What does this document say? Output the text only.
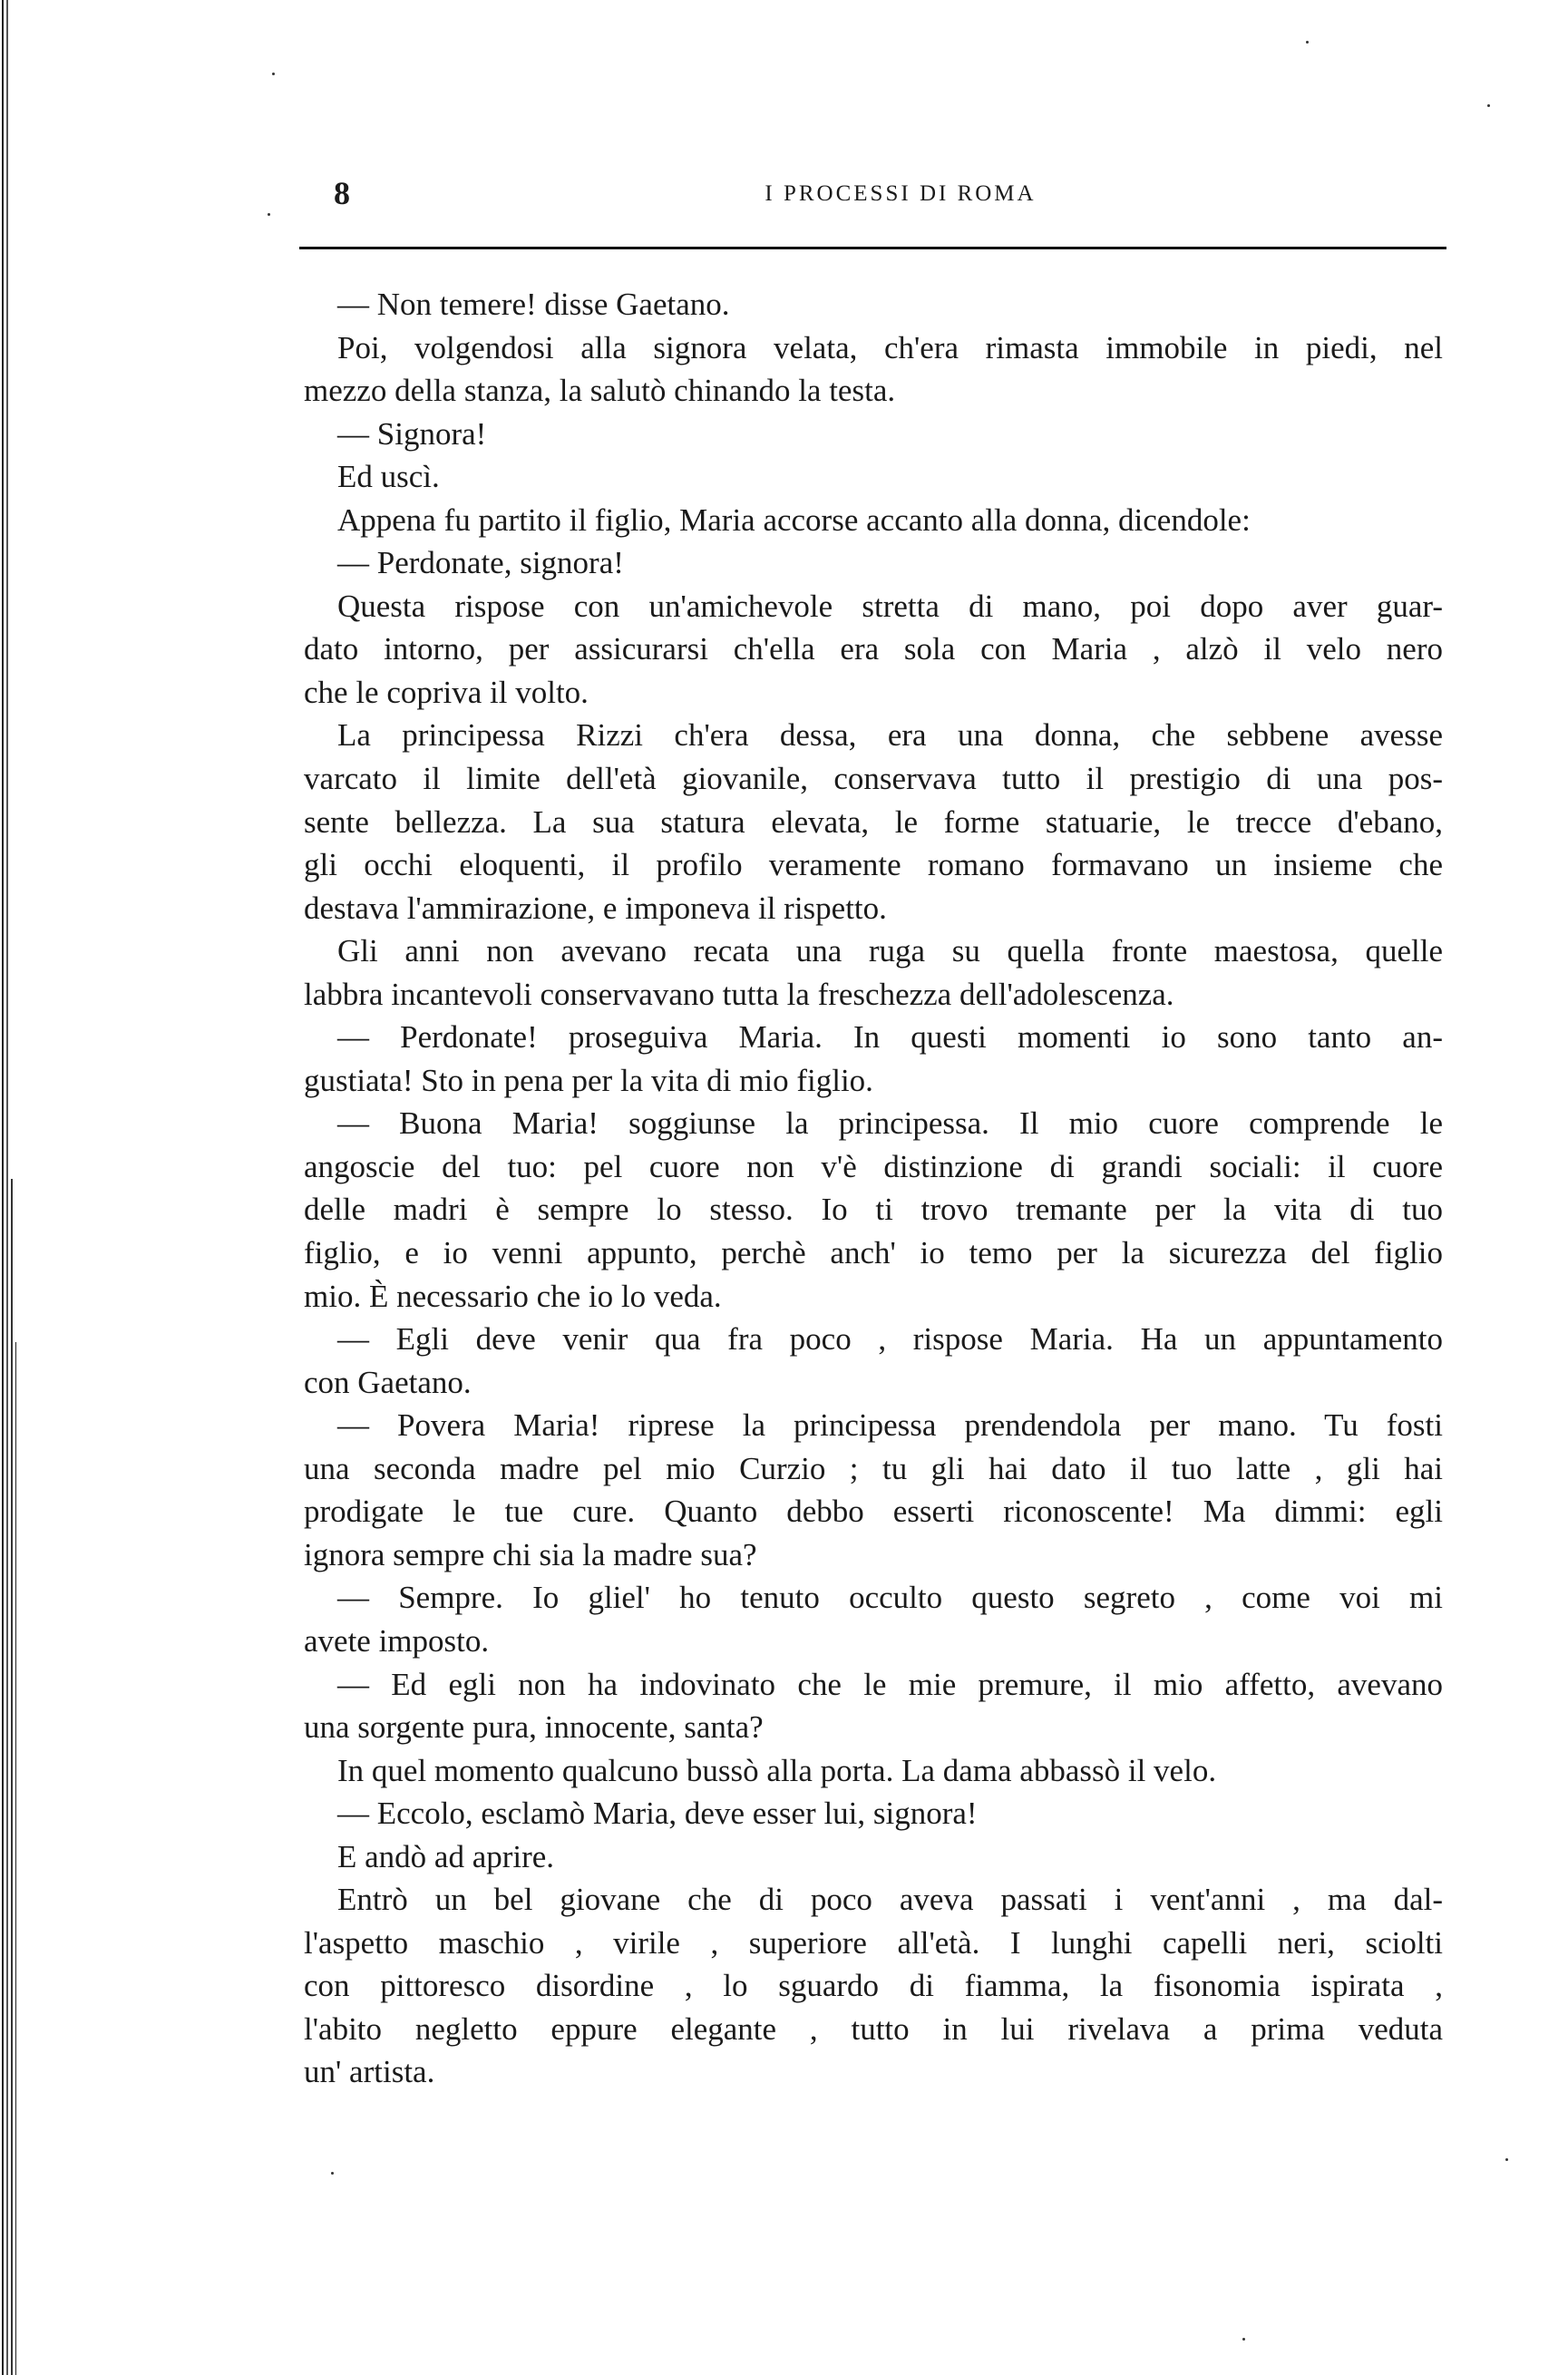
8	I PROCESSI DI ROMA
— Non temere! disse Gaetano.
Poi, volgendosi alla signora velata, ch'era rimasta immobile in piedi, nel
mezzo della stanza, la salutò chinando la testa.
— Signora!
Ed uscì.
Appena fu partito il figlio, Maria accorse accanto alla donna, dicendole:
— Perdonate, signora!
Questa rispose con un'amichevole stretta di mano, poi dopo aver guar-
dato intorno, per assicurarsi ch'ella era sola con Maria , alzò il velo nero
che le copriva il volto.
La principessa Rizzi ch'era dessa, era una donna, che sebbene avesse
varcato il limite dell'età giovanile, conservava tutto il prestigio di una pos-
sente bellezza. La sua statura elevata, le forme statuarie, le trecce d'ebano,
gli occhi eloquenti, il profilo veramente romano formavano un insieme che
destava l'ammirazione, e imponeva il rispetto.
Gli anni non avevano recata una ruga su quella fronte maestosa, quelle
labbra incantevoli conservavano tutta la freschezza dell'adolescenza.
— Perdonate! proseguiva Maria. In questi momenti io sono tanto an-
gustiata! Sto in pena per la vita di mio figlio.
— Buona Maria! soggiunse la principessa. Il mio cuore comprende le
angoscie del tuo: pel cuore non v'è distinzione di grandi sociali: il cuore
delle madri è sempre lo stesso. Io ti trovo tremante per la vita di tuo
figlio, e io venni appunto, perchè anch' io temo per la sicurezza del figlio
mio. È necessario che io lo veda.
— Egli deve venir qua fra poco , rispose Maria. Ha un appuntamento
con Gaetano.
— Povera Maria! riprese la principessa prendendola per mano. Tu fosti
una seconda madre pel mio Curzio ; tu gli hai dato il tuo latte , gli hai
prodigate le tue cure. Quanto debbo esserti riconoscente! Ma dimmi: egli
ignora sempre chi sia la madre sua?
— Sempre. Io gliel' ho tenuto occulto questo segreto , come voi mi
avete imposto.
— Ed egli non ha indovinato che le mie premure, il mio affetto, avevano
una sorgente pura, innocente, santa?
In quel momento qualcuno bussò alla porta. La dama abbassò il velo.
— Eccolo, esclamò Maria, deve esser lui, signora!
E andò ad aprire.
Entrò un bel giovane che di poco aveva passati i vent'anni , ma dal-
l'aspetto maschio , virile , superiore all'età. I lunghi capelli neri, sciolti
con pittoresco disordine , lo sguardo di fiamma, la fisonomia ispirata ,
l'abito negletto eppure elegante , tutto in lui rivelava a prima veduta
un' artista.
